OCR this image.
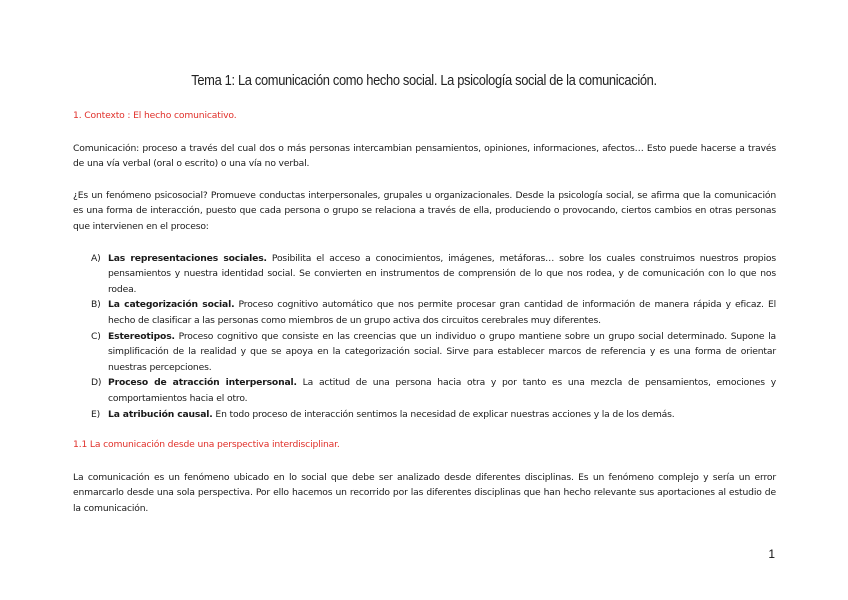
Tema 1: La comunicación como hecho social. La psicología social de la comunicación.
1. Contexto : El hecho comunicativo.

Comunicación: proceso a través del cual dos o más personas intercambian pensamientos, opiniones, informaciones, afectos… Esto puede hacerse a través de una vía verbal (oral o escrito) o una vía no verbal.

¿Es un fenómeno psicosocial? Promueve conductas interpersonales, grupales u organizacionales. Desde la psicología social, se afirma que la comunicación es una forma de interacción, puesto que cada persona o grupo se relaciona a través de ella, produciendo o provocando, ciertos cambios en otras personas que intervienen en el proceso:

A) Las representaciones sociales. Posibilita el acceso a conocimientos, imágenes, metáforas… sobre los cuales construimos nuestros propios pensamientos y nuestra identidad social. Se convierten en instrumentos de comprensión de lo que nos rodea, y de comunicación con lo que nos rodea.
B) La categorización social. Proceso cognitivo automático que nos permite procesar gran cantidad de información de manera rápida y eficaz. El hecho de clasificar a las personas como miembros de un grupo activa dos circuitos cerebrales muy diferentes.
C) Estereotipos. Proceso cognitivo que consiste en las creencias que un individuo o grupo mantiene sobre un grupo social determinado. Supone la simplificación de la realidad y que se apoya en la categorización social. Sirve para establecer marcos de referencia y es una forma de orientar nuestras percepciones.
D) Proceso de atracción interpersonal. La actitud de una persona hacia otra y por tanto es una mezcla de pensamientos, emociones y comportamientos hacia el otro.
E) La atribución causal. En todo proceso de interacción sentimos la necesidad de explicar nuestras acciones y la de los demás.
1.1 La comunicación desde una perspectiva interdisciplinar.

La comunicación es un fenómeno ubicado en lo social que debe ser analizado desde diferentes disciplinas. Es un fenómeno complejo y sería un error enmarcarlo desde una sola perspectiva. Por ello hacemos un recorrido por las diferentes disciplinas que han hecho relevante sus aportaciones al estudio de la comunicación.

1
